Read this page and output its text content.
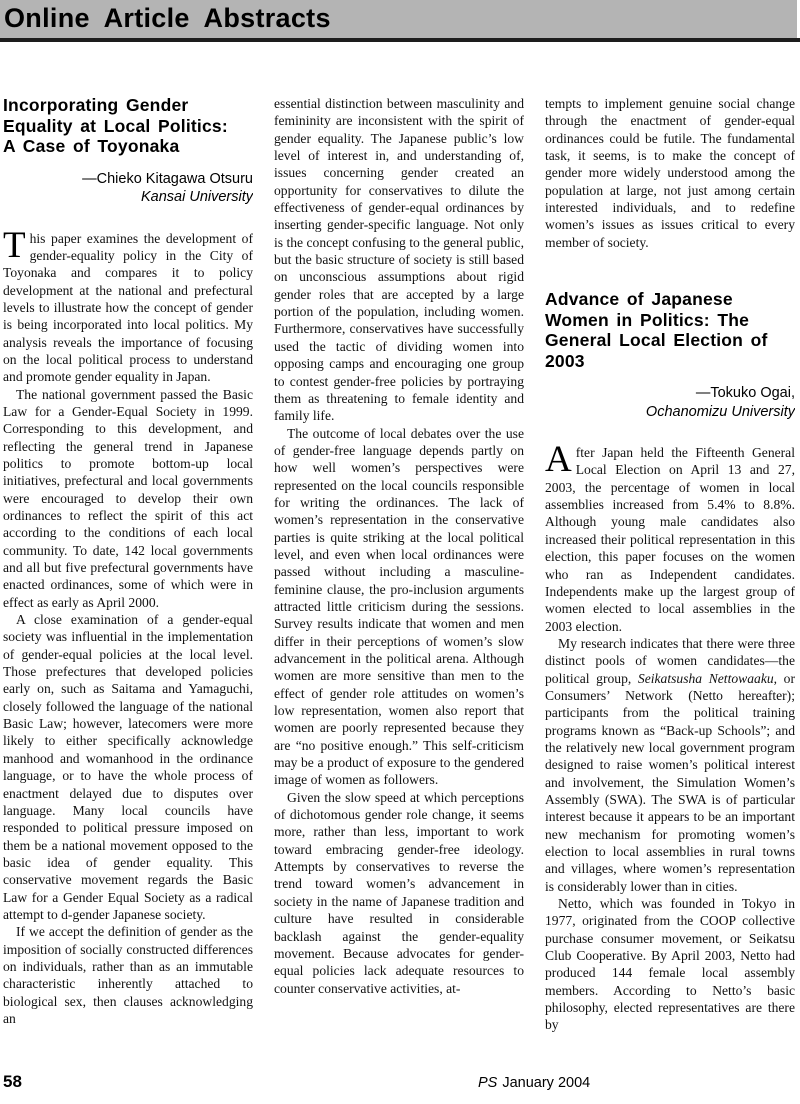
Online Article Abstracts
Incorporating Gender
Equality at Local Politics:
A Case of Toyonaka
—Chieko Kitagawa Otsuru
Kansai University

This paper examines the development of gender-equality policy in the City of Toyonaka and compares it to policy development at the national and prefectural levels to illustrate how the concept of gender is being incorporated into local politics. My analysis reveals the importance of focusing on the local political process to understand and promote gender equality in Japan.

The national government passed the Basic Law for a Gender-Equal Society in 1999. Corresponding to this development, and reflecting the general trend in Japanese politics to promote bottom-up local initiatives, prefectural and local governments were encouraged to develop their own ordinances to reflect the spirit of this act according to the conditions of each local community. To date, 142 local governments and all but five prefectural governments have enacted ordinances, some of which were in effect as early as April 2000.

A close examination of a gender-equal society was influential in the implementation of gender-equal policies at the local level. Those prefectures that developed policies early on, such as Saitama and Yamaguchi, closely followed the language of the national Basic Law; however, latecomers were more likely to either specifically acknowledge manhood and womanhood in the ordinance language, or to have the whole process of enactment delayed due to disputes over language. Many local councils have responded to political pressure imposed on them be a national movement opposed to the basic idea of gender equality. This conservative movement regards the Basic Law for a Gender Equal Society as a radical attempt to d-gender Japanese society.

If we accept the definition of gender as the imposition of socially constructed differences on individuals, rather than as an immutable characteristic inherently attached to biological sex, then clauses acknowledging an

essential distinction between masculinity and femininity are inconsistent with the spirit of gender equality. The Japanese public’s low level of interest in, and understanding of, issues concerning gender created an opportunity for conservatives to dilute the effectiveness of gender-equal ordinances by inserting gender-specific language. Not only is the concept confusing to the general public, but the basic structure of society is still based on unconscious assumptions about rigid gender roles that are accepted by a large portion of the population, including women. Furthermore, conservatives have successfully used the tactic of dividing women into opposing camps and encouraging one group to contest gender-free policies by portraying them as threatening to female identity and family life.

The outcome of local debates over the use of gender-free language depends partly on how well women’s perspectives were represented on the local councils responsible for writing the ordinances. The lack of women’s representation in the conservative parties is quite striking at the local political level, and even when local ordinances were passed without including a masculine-feminine clause, the pro-inclusion arguments attracted little criticism during the sessions. Survey results indicate that women and men differ in their perceptions of women’s slow advancement in the political arena. Although women are more sensitive than men to the effect of gender role attitudes on women’s low representation, women also report that women are poorly represented because they are “no positive enough.” This self-criticism may be a product of exposure to the gendered image of women as followers.

Given the slow speed at which perceptions of dichotomous gender role change, it seems more, rather than less, important to work toward embracing gender-free ideology. Attempts by conservatives to reverse the trend toward women’s advancement in society in the name of Japanese tradition and culture have resulted in considerable backlash against the gender-equality movement. Because advocates for gender-equal policies lack adequate resources to counter conservative activities, at-

tempts to implement genuine social change through the enactment of gender-equal ordinances could be futile. The fundamental task, it seems, is to make the concept of gender more widely understood among the population at large, not just among certain interested individuals, and to redefine women’s issues as issues critical to every member of society.

Advance of Japanese
Women in Politics: The
General Local Election of
2003
—Tokuko Ogai,
Ochanomizu University

After Japan held the Fifteenth General Local Election on April 13 and 27, 2003, the percentage of women in local assemblies increased from 5.4% to 8.8%. Although young male candidates also increased their political representation in this election, this paper focuses on the women who ran as Independent candidates. Independents make up the largest group of women elected to local assemblies in the 2003 election.

My research indicates that there were three distinct pools of women candidates—the political group, Seikatsusha Nettowaaku, or Consumers’ Network (Netto hereafter); participants from the political training programs known as “Back-up Schools”; and the relatively new local government program designed to raise women’s political interest and involvement, the Simulation Women’s Assembly (SWA). The SWA is of particular interest because it appears to be an important new mechanism for promoting women’s election to local assemblies in rural towns and villages, where women’s representation is considerably lower than in cities.

Netto, which was founded in Tokyo in 1977, originated from the COOP collective purchase consumer movement, or Seikatsu Club Cooperative. By April 2003, Netto had produced 144 female local assembly members. According to Netto’s basic philosophy, elected representatives are there by

58	PS January 2004
